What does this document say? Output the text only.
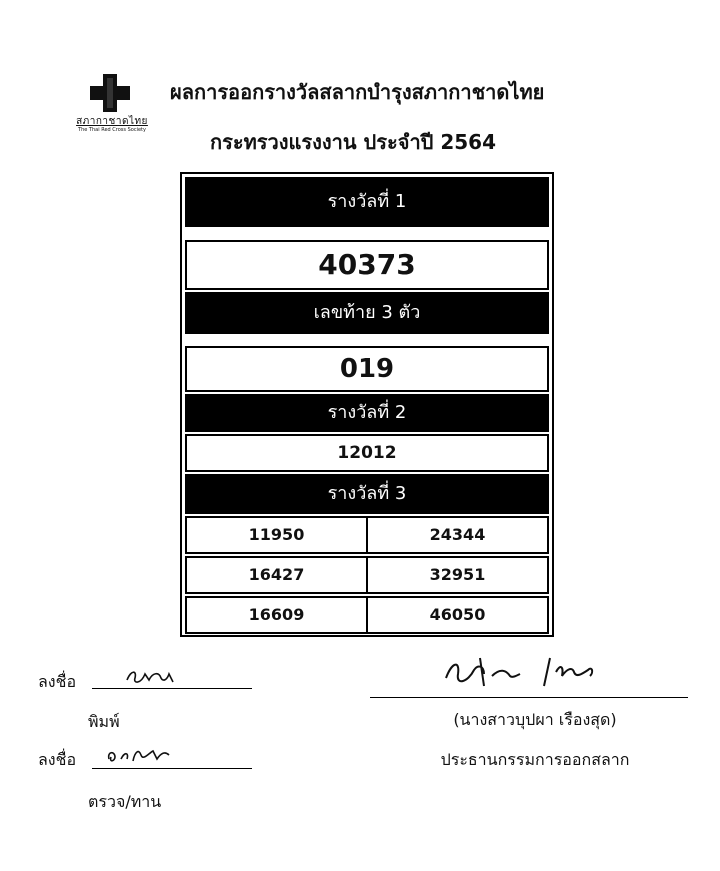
สภากาชาดไทย
The Thai Red Cross Society
ผลการออกรางวัลสลากบำรุงสภากาชาดไทย
กระทรวงแรงงาน ประจำปี 2564
รางวัลที่ 1
40373
เลขท้าย 3 ตัว
019
รางวัลที่ 2
12012
รางวัลที่ 3
11950	24344
16427	32951
16609	46050
ลงชื่อ
พิมพ์
ลงชื่อ
ตรวจ/ทาน
(นางสาวบุปผา เรืองสุด)
ประธานกรรมการออกสลาก
